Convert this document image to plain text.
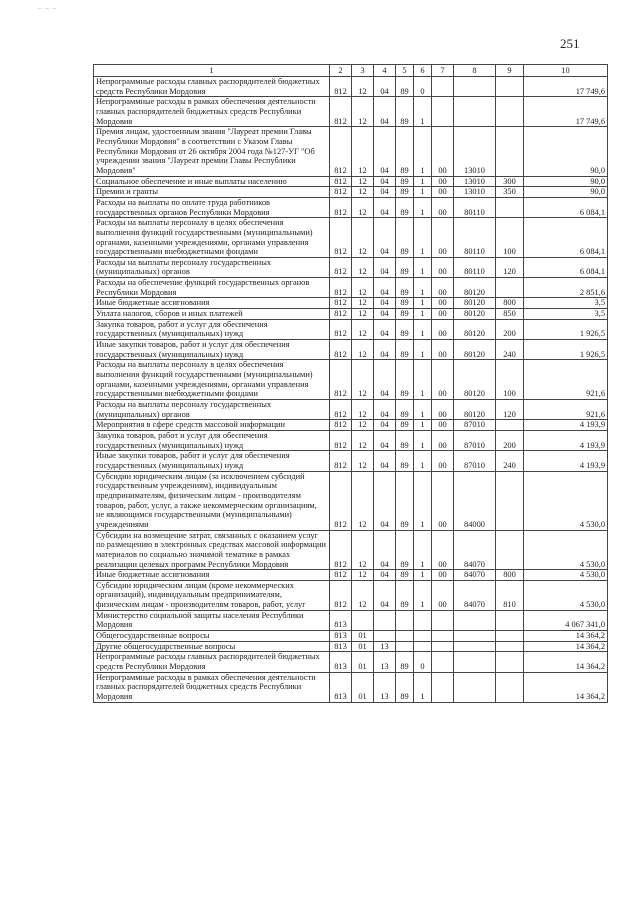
_ _ _
251
1	2	3	4	5	6	7	8	9	10
Непрограммные расходы главных распорядителей бюджетных средств Республики Мордовия	812	12	04	89	0				17 749,6
Непрограммные расходы в рамках обеспечения деятельности главных распорядителей бюджетных средств Республики Мордовия	812	12	04	89	1				17 749,6
Премия лицам, удостоенным звания "Лауреат премии Главы Республики Мордовия" в соответствии с Указом Главы Республики Мордовия от 26 октября 2004 года №127-УГ "Об учреждении звания "Лауреат премии Главы Республики Мордовия"	812	12	04	89	1	00	13010		90,0
Социальное обеспечение и иные выплаты населению	812	12	04	89	1	00	13010	300	90,0
Премии и гранты	812	12	04	89	1	00	13010	350	90,0
Расходы на выплаты по оплате труда работников государственных органов Республики Мордовия	812	12	04	89	1	00	80110		6 084,1
Расходы на выплаты персоналу в целях обеспечения выполнения функций государственными (муниципальными) органами, казенными учреждениями, органами управления государственными внебюджетными фондами	812	12	04	89	1	00	80110	100	6 084,1
Расходы на выплаты персоналу государственных (муниципальных) органов	812	12	04	89	1	00	80110	120	6 084,1
Расходы на обеспечение функций государственных органов Республики Мордовия	812	12	04	89	1	00	80120		2 851,6
Иные бюджетные ассигнования	812	12	04	89	1	00	80120	800	3,5
Уплата налогов, сборов и иных платежей	812	12	04	89	1	00	80120	850	3,5
Закупка товаров, работ и услуг для обеспечения государственных (муниципальных) нужд	812	12	04	89	1	00	80120	200	1 926,5
Иные закупки товаров, работ и услуг для обеспечения государственных (муниципальных) нужд	812	12	04	89	1	00	80120	240	1 926,5
Расходы на выплаты персоналу в целях обеспечения выполнения функций государственными (муниципальными) органами, казенными учреждениями, органами управления государственными внебюджетными фондами	812	12	04	89	1	00	80120	100	921,6
Расходы на выплаты персоналу государственных (муниципальных) органов	812	12	04	89	1	00	80120	120	921,6
Мероприятия в сфере средств массовой информации	812	12	04	89	1	00	87010		4 193,9
Закупка товаров, работ и услуг для обеспечения государственных (муниципальных) нужд	812	12	04	89	1	00	87010	200	4 193,9
Иные закупки товаров, работ и услуг для обеспечения государственных (муниципальных) нужд	812	12	04	89	1	00	87010	240	4 193,9
Субсидии юридическим лицам (за исключением субсидий государственным учреждениям), индивидуальным предпринимателям, физическим лицам - производителям товаров, работ, услуг, а также некоммерческим организациям, не являющимся государственными (муниципальными) учреждениями	812	12	04	89	1	00	84000		4 530,0
Субсидии на возмещение затрат, связанных с оказанием услуг по размещению в электронных средствах массовой информации материалов по социально значимой тематике в рамках реализации целевых программ Республики Мордовия	812	12	04	89	1	00	84070		4 530,0
Иные бюджетные ассигнования	812	12	04	89	1	00	84070	800	4 530,0
Субсидии юридическим лицам (кроме некоммерческих организаций), индивидуальным предпринимателям, физическим лицам - производителям товаров, работ, услуг	812	12	04	89	1	00	84070	810	4 530,0
Министерство социальной защиты населения Республики Мордовия	813								4 067 341,0
Общегосударственные вопросы	813	01							14 364,2
Другие общегосударственные вопросы	813	01	13						14 364,2
Непрограммные расходы главных распорядителей бюджетных средств Республики Мордовия	813	01	13	89	0				14 364,2
Непрограммные расходы в рамках обеспечения деятельности главных распорядителей бюджетных средств Республики Мордовия	813	01	13	89	1				14 364,2
